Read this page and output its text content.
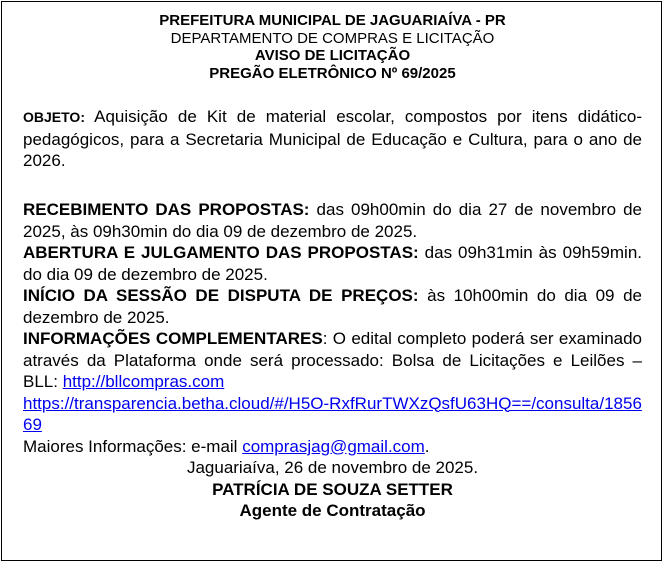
PREFEITURA MUNICIPAL DE JAGUARIAÍVA - PR
DEPARTAMENTO DE COMPRAS E LICITAÇÃO
AVISO DE LICITAÇÃO
PREGÃO ELETRÔNICO Nº 69/2025

OBJETO: Aquisição de Kit de material escolar, compostos por itens didático-pedagógicos, para a Secretaria Municipal de Educação e Cultura, para o ano de 2026.

RECEBIMENTO DAS PROPOSTAS: das 09h00min do dia 27 de novembro de 2025, às 09h30min do dia 09 de dezembro de 2025.

ABERTURA E JULGAMENTO DAS PROPOSTAS: das 09h31min às 09h59min. do dia 09 de dezembro de 2025.

INÍCIO DA SESSÃO DE DISPUTA DE PREÇOS: às 10h00min do dia 09 de dezembro de 2025.

INFORMAÇÕES COMPLEMENTARES: O edital completo poderá ser examinado através da Plataforma onde será processado: Bolsa de Licitações e Leilões – BLL: http://bllcompras.com
https://transparencia.betha.cloud/#/H5O-RxfRurTWXzQsfU63HQ==/consulta/185669

Maiores Informações: e-mail comprasjag@gmail.com.

Jaguariaíva, 26 de novembro de 2025.

PATRÍCIA DE SOUZA SETTER

Agente de Contratação
